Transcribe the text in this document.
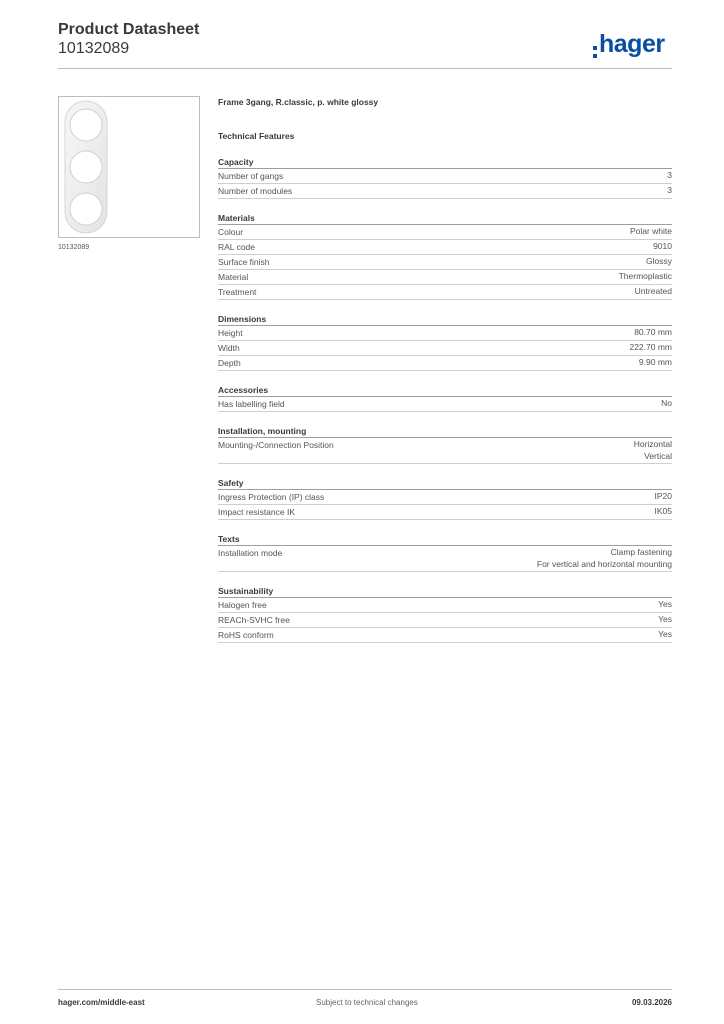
Product Datasheet
10132089	hager
10132089
Frame 3gang, R.classic, p. white glossy
Technical Features
Capacity
Number of gangs	3
Number of modules	3
Materials
Colour	Polar white
RAL code	9010
Surface finish	Glossy
Material	Thermoplastic
Treatment	Untreated
Dimensions
Height	80.70 mm
Width	222.70 mm
Depth	9.90 mm
Accessories
Has labelling field	No
Installation, mounting
Mounting-/Connection Position	Horizontal
Vertical
Safety
Ingress Protection (IP) class	IP20
Impact resistance IK	IK05
Texts
Installation mode	Clamp fastening
For vertical and horizontal mounting
Sustainability
Halogen free	Yes
REACh-SVHC free	Yes
RoHS conform	Yes
hager.com/middle-east	Subject to technical changes	09.03.2026
